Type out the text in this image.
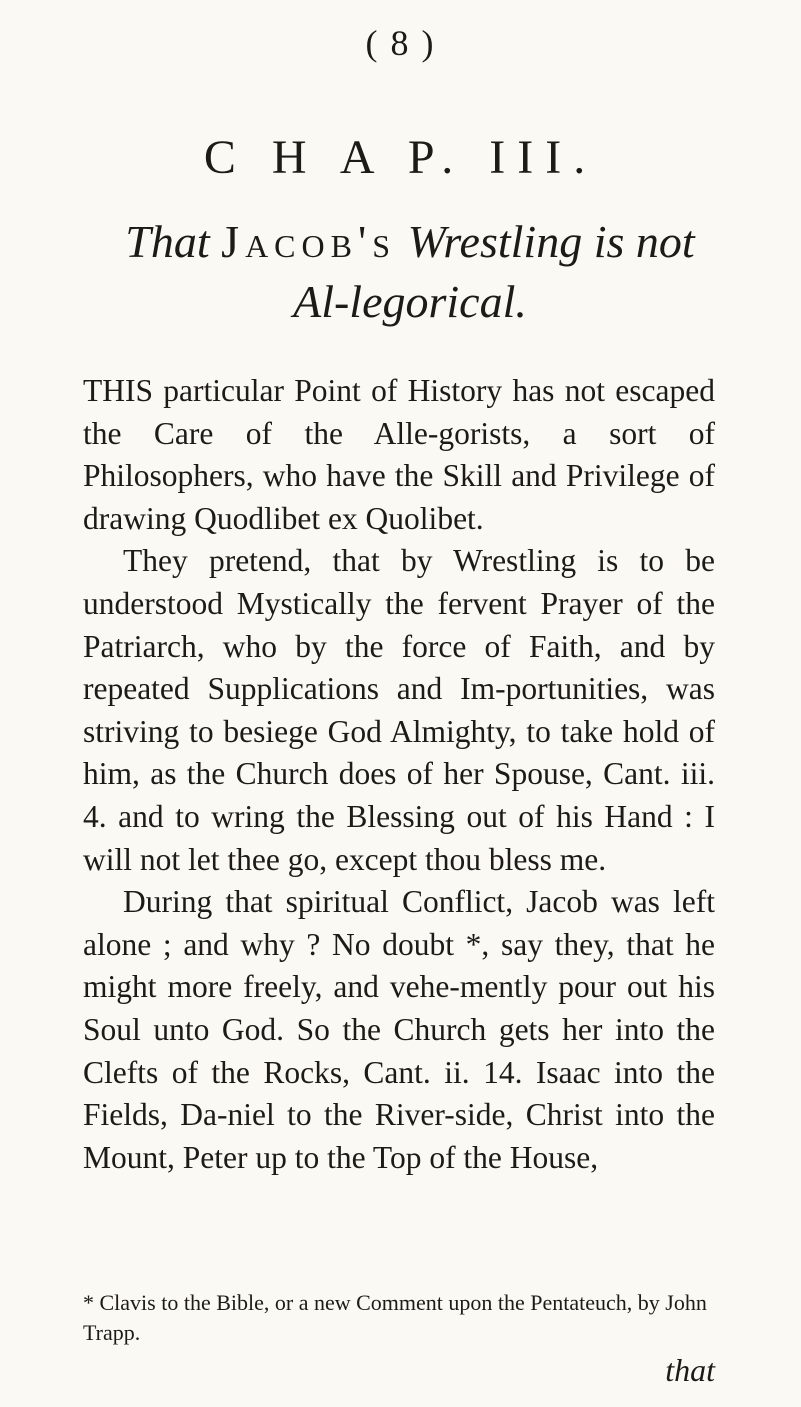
( 8 )
C H A P. III.
That Jacob's Wrestling is not Al-legorical.

THIS particular Point of History has not escaped the Care of the Alle-gorists, a sort of Philosophers, who have the Skill and Privilege of drawing Quodlibet ex Quolibet.

They pretend, that by Wrestling is to be understood Mystically the fervent Prayer of the Patriarch, who by the force of Faith, and by repeated Supplications and Im-portunities, was striving to besiege God Almighty, to take hold of him, as the Church does of her Spouse, Cant. iii. 4. and to wring the Blessing out of his Hand : I will not let thee go, except thou bless me.

During that spiritual Conflict, Jacob was left alone ; and why ? No doubt *, say they, that he might more freely, and vehe-mently pour out his Soul unto God. So the Church gets her into the Clefts of the Rocks, Cant. ii. 14. Isaac into the Fields, Da-niel to the River-side, Christ into the Mount, Peter up to the Top of the House,

* Clavis to the Bible, or a new Comment upon the Pentateuch, by John Trapp.
that
